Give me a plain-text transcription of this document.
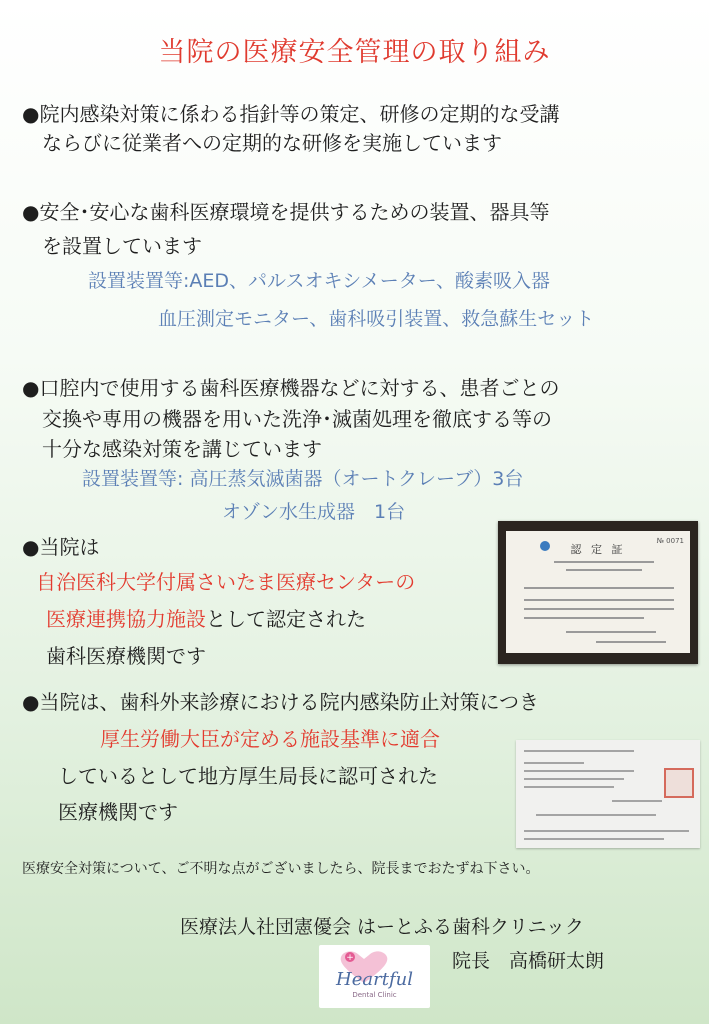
当院の医療安全管理の取り組み
●院内感染対策に係わる指針等の策定、研修の定期的な受講
ならびに従業者への定期的な研修を実施しています
●安全･安心な歯科医療環境を提供するための装置、器具等
を設置しています
設置装置等:AED、パルスオキシメーター、酸素吸入器
血圧測定モニター、歯科吸引装置、救急蘇生セット
●口腔内で使用する歯科医療機器などに対する、患者ごとの
交換や専用の機器を用いた洗浄･滅菌処理を徹底する等の
十分な感染対策を講じています
設置装置等: 高圧蒸気滅菌器（オートクレーブ）3台
オゾン水生成器　1台
●当院は
自治医科大学付属さいたま医療センターの
医療連携協力施設として認定された
歯科医療機関です
№ 0071
認 定 証
●当院は、歯科外来診療における院内感染防止対策につき
厚生労働大臣が定める施設基準に適合
しているとして地方厚生局長に認可された
医療機関です
医療安全対策について、ご不明な点がございましたら、院長までおたずね下さい。
医療法人社団憲優会 はーとふる歯科クリニック
院長　高橋研太朗
+
Heartful
Dental Clinic
